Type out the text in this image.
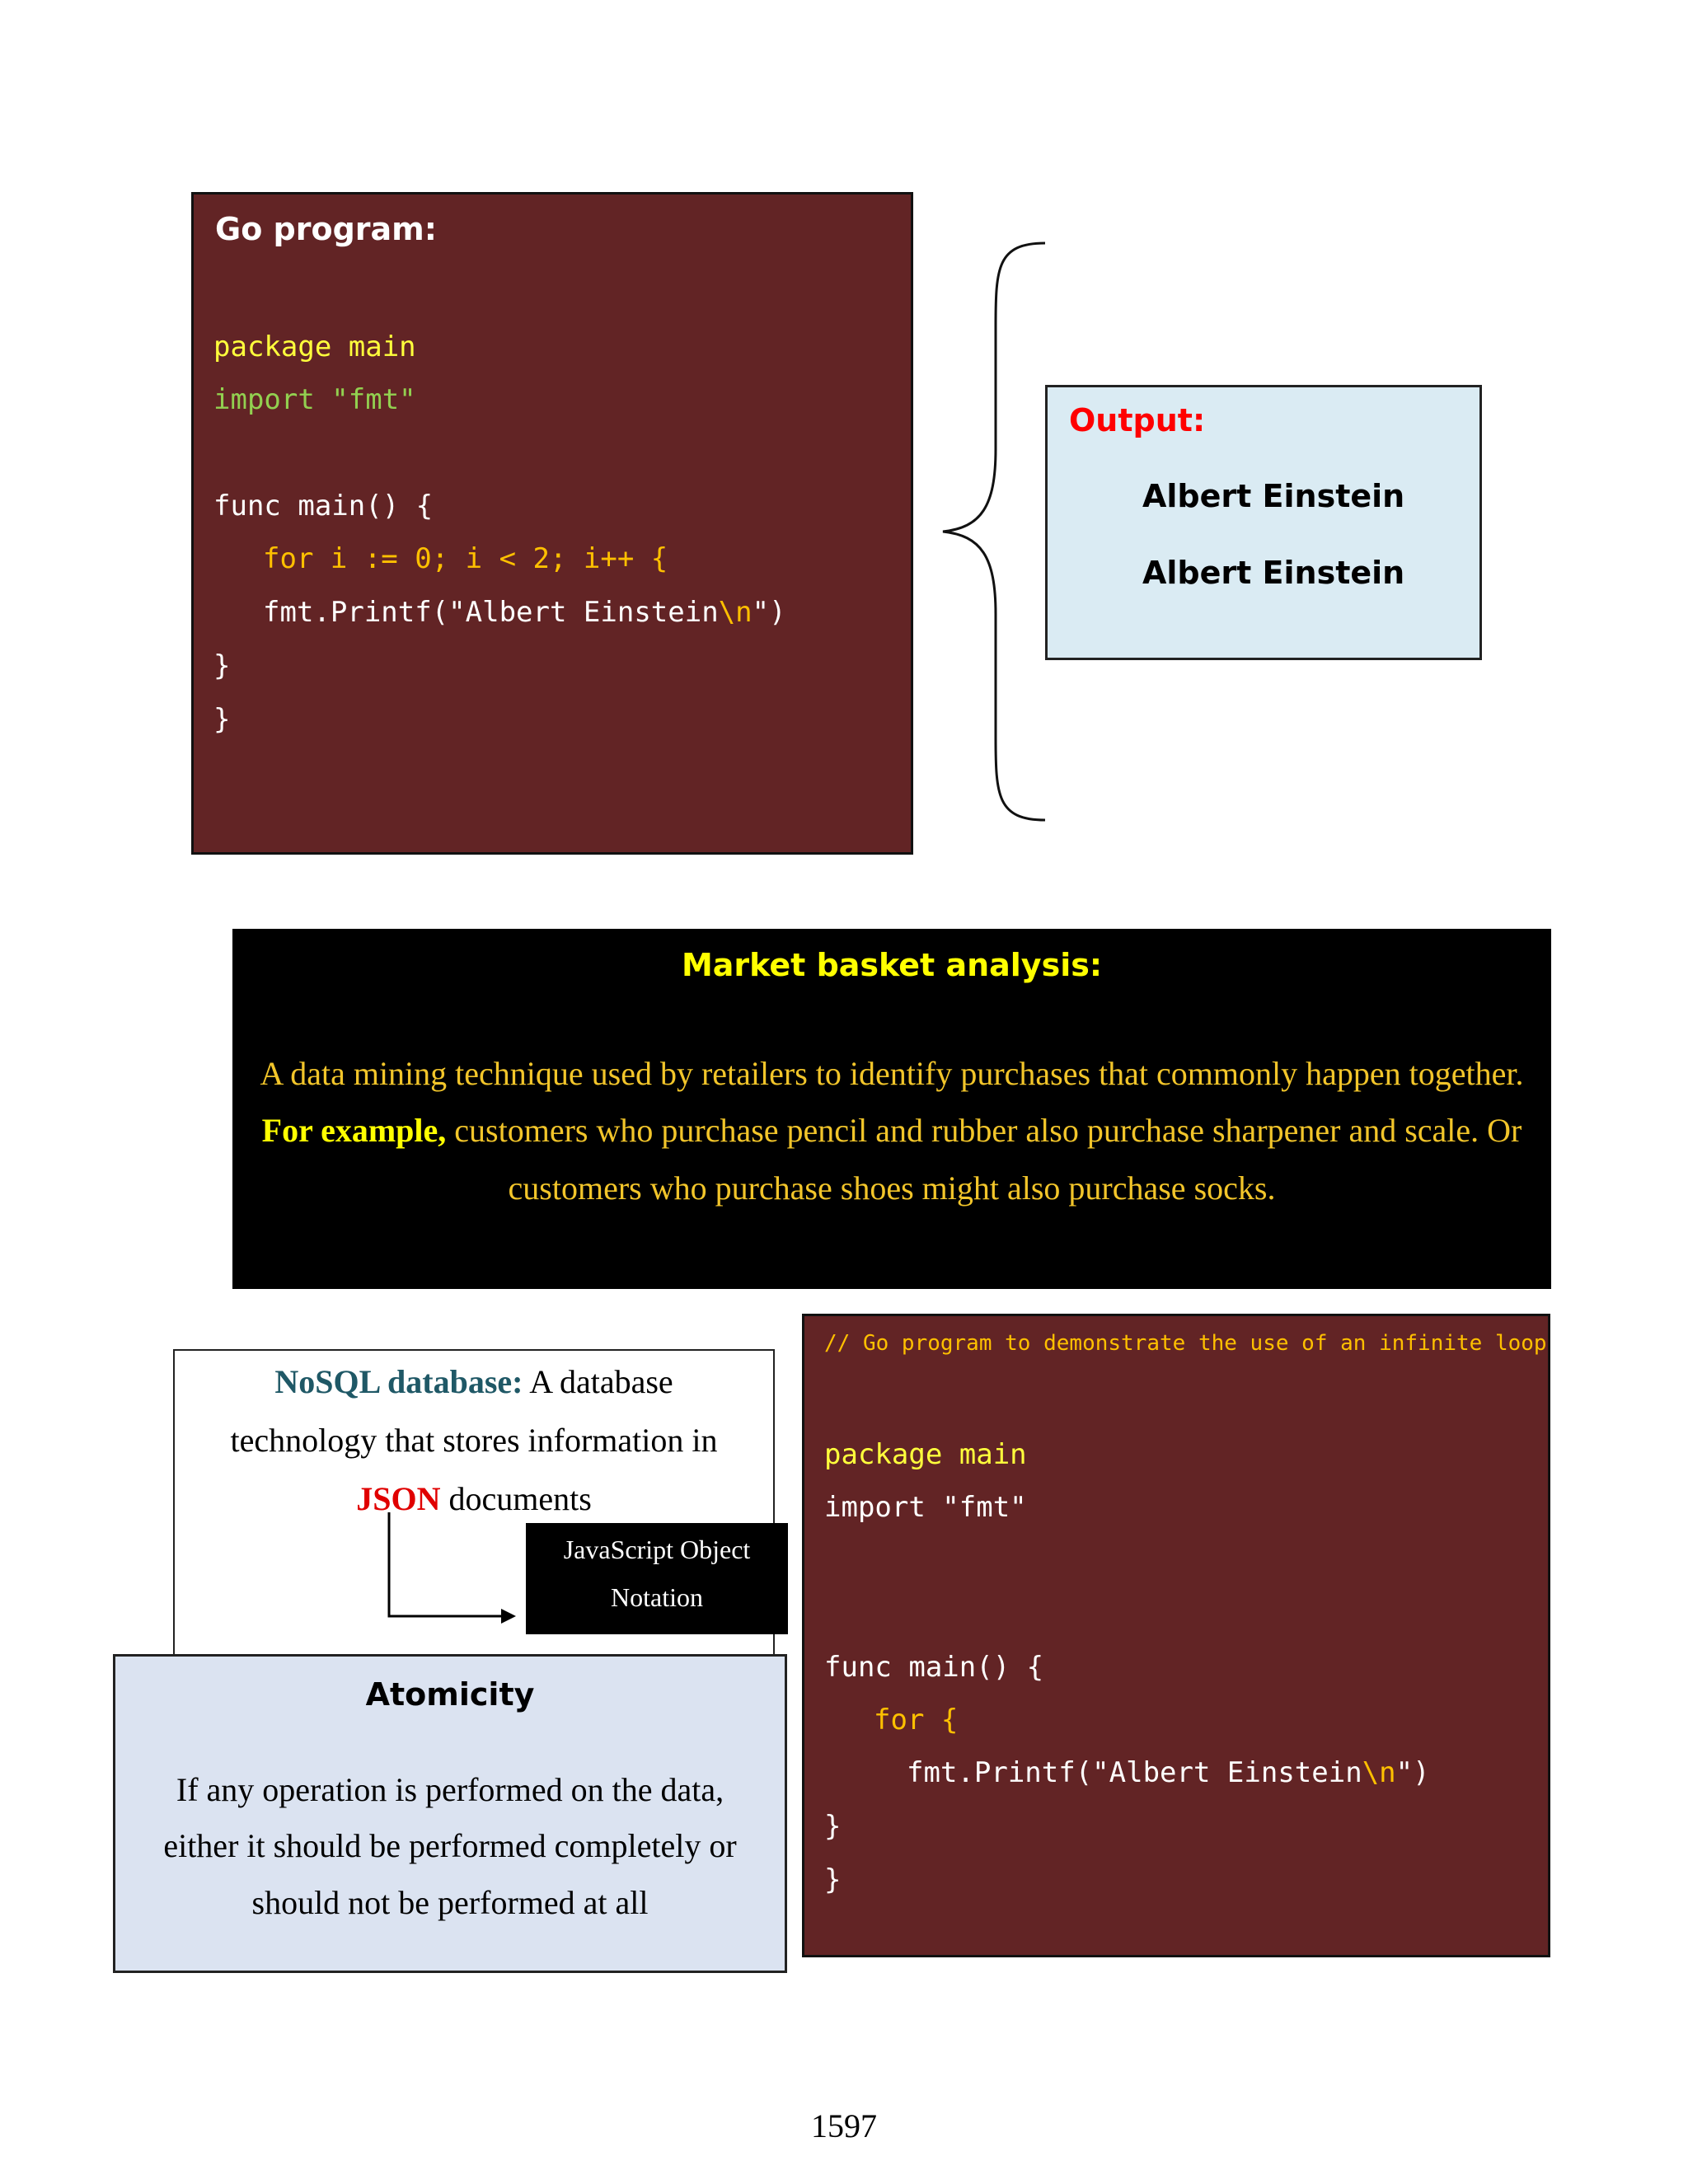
Go program:
package main
import "fmt"
func main() {
for i := 0; i < 2; i++ {
fmt.Printf("Albert Einstein\n")
}
}
Output:
Albert Einstein
Albert Einstein
Market basket analysis:
A data mining technique used by retailers to identify purchases that commonly happen together.
For example, customers who purchase pencil and rubber also purchase sharpener and scale. Or
customers who purchase shoes might also purchase socks.
NoSQL database: A database
technology that stores information in
JSON documents
JavaScript Object
Notation
Atomicity
If any operation is performed on the data,
either it should be performed completely or
should not be performed at all
// Go program to demonstrate the use of an infinite loop
package main
import "fmt"
func main() {
for {
fmt.Printf("Albert Einstein\n")
}
}
1597
